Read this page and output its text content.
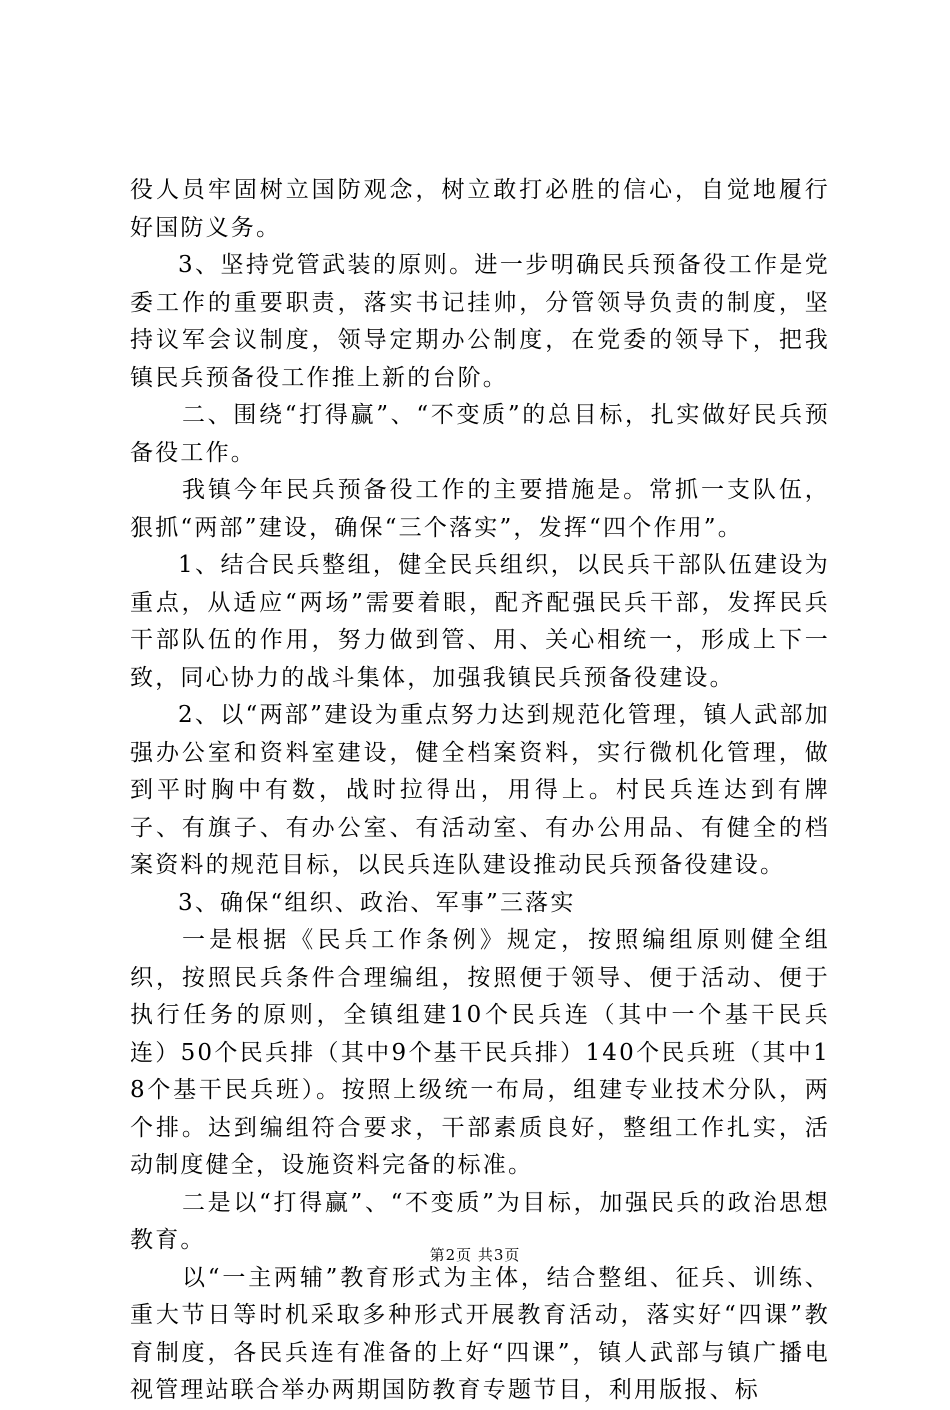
役人员牢固树立国防观念，树立敢打必胜的信心，自觉地履行好国防义务。

3、坚持党管武装的原则。进一步明确民兵预备役工作是党委工作的重要职责，落实书记挂帅，分管领导负责的制度，坚持议军会议制度，领导定期办公制度，在党委的领导下，把我镇民兵预备役工作推上新的台阶。

二、围绕“打得赢”、“不变质”的总目标，扎实做好民兵预备役工作。

我镇今年民兵预备役工作的主要措施是。常抓一支队伍，狠抓“两部”建设，确保“三个落实”，发挥“四个作用”。

1、结合民兵整组，健全民兵组织，以民兵干部队伍建设为重点，从适应“两场”需要着眼，配齐配强民兵干部，发挥民兵干部队伍的作用，努力做到管、用、关心相统一，形成上下一致，同心协力的战斗集体，加强我镇民兵预备役建设。

2、以“两部”建设为重点努力达到规范化管理，镇人武部加强办公室和资料室建设，健全档案资料，实行微机化管理，做到平时胸中有数，战时拉得出，用得上。村民兵连达到有牌子、有旗子、有办公室、有活动室、有办公用品、有健全的档案资料的规范目标，以民兵连队建设推动民兵预备役建设。

3、确保“组织、政治、军事”三落实

一是根据《民兵工作条例》规定，按照编组原则健全组织，按照民兵条件合理编组，按照便于领导、便于活动、便于执行任务的原则，全镇组建10个民兵连（其中一个基干民兵连）50个民兵排（其中9个基干民兵排）140个民兵班（其中18个基干民兵班）。按照上级统一布局，组建专业技术分队，两个排。达到编组符合要求，干部素质良好，整组工作扎实，活动制度健全，设施资料完备的标准。

二是以“打得赢”、“不变质”为目标，加强民兵的政治思想教育。

以“一主两辅”教育形式为主体，结合整组、征兵、训练、重大节日等时机采取多种形式开展教育活动，落实好“四课”教育制度，各民兵连有准备的上好“四课”，镇人武部与镇广播电视管理站联合举办两期国防教育专题节目，利用版报、标

第2页 共3页
